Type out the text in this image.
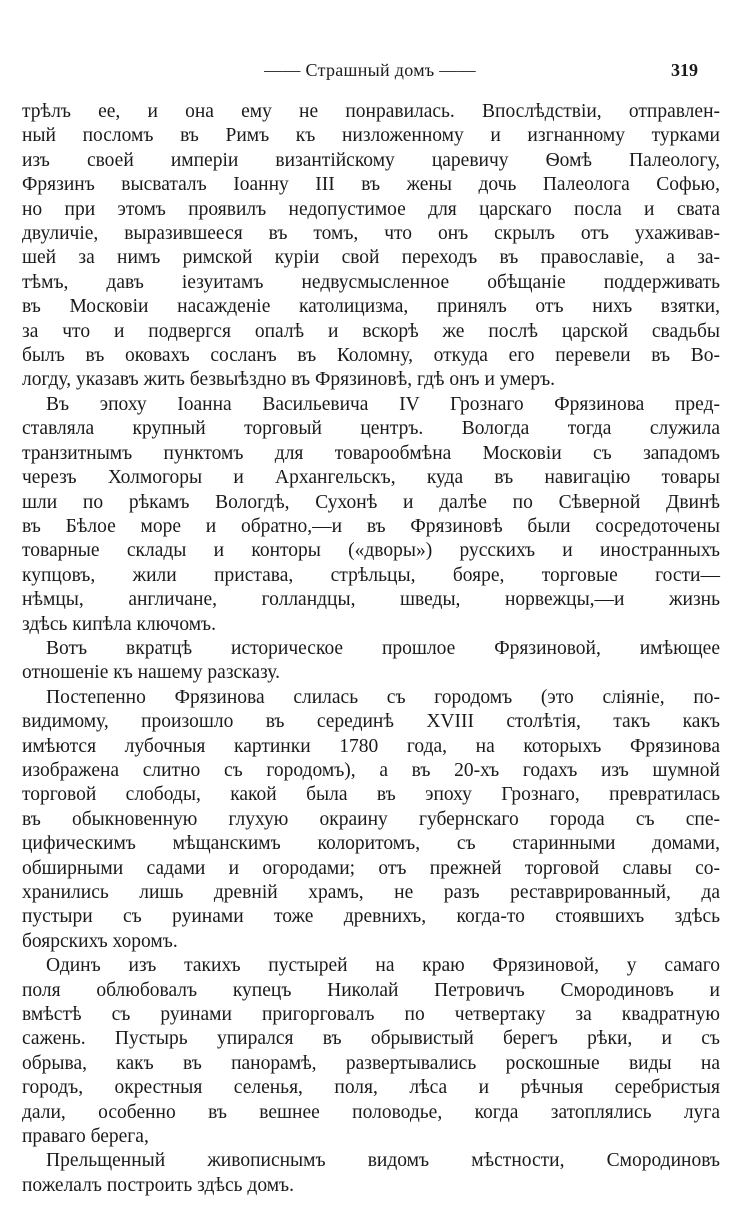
—— Страшный домъ ——	319
трѣлъ ее, и она ему не понравилась. Впослѣдствіи, отправлен-
ный посломъ въ Римъ къ низложенному и изгнанному турками
изъ своей имперіи византійскому царевичу Ѳомѣ Палеологу,
Фрязинъ высваталъ Іоанну III въ жены дочь Палеолога Софью,
но при этомъ проявилъ недопустимое для царскаго посла и свата
двуличіе, выразившееся въ томъ, что онъ скрылъ отъ ухаживав-
шей за нимъ римской куріи свой переходъ въ православіе, а за-
тѣмъ, давъ іезуитамъ недвусмысленное обѣщаніе поддерживать
въ Московіи насажденіе католицизма, принялъ отъ нихъ взятки,
за что и подвергся опалѣ и вскорѣ же послѣ царской свадьбы
былъ въ оковахъ сосланъ въ Коломну, откуда его перевели въ Во-
логду, указавъ жить безвыѣздно въ Фрязиновѣ, гдѣ онъ и умеръ.
Въ эпоху Іоанна Васильевича IV Грознаго Фрязинова пред-
ставляла крупный торговый центръ. Вологда тогда служила
транзитнымъ пунктомъ для товарообмѣна Московіи съ западомъ
черезъ Холмогоры и Архангельскъ, куда въ навигацію товары
шли по рѣкамъ Вологдѣ, Сухонѣ и далѣе по Сѣверной Двинѣ
въ Бѣлое море и обратно,—и въ Фрязиновѣ были сосредоточены
товарные склады и конторы («дворы») русскихъ и иностранныхъ
купцовъ, жили пристава, стрѣльцы, бояре, торговые гости—
нѣмцы, англичане, голландцы, шведы, норвежцы,—и жизнь
здѣсь кипѣла ключомъ.
Вотъ вкратцѣ историческое прошлое Фрязиновой, имѣющее
отношеніе къ нашему разсказу.
Постепенно Фрязинова слилась съ городомъ (это сліяніе, по-
видимому, произошло въ серединѣ XVIII столѣтія, такъ какъ
имѣются лубочныя картинки 1780 года, на которыхъ Фрязинова
изображена слитно съ городомъ), а въ 20-хъ годахъ изъ шумной
торговой слободы, какой была въ эпоху Грознаго, превратилась
въ обыкновенную глухую окраину губернскаго города съ спе-
цифическимъ мѣщанскимъ колоритомъ, съ старинными домами,
обширными садами и огородами; отъ прежней торговой славы со-
хранились лишь древній храмъ, не разъ реставрированный, да
пустыри съ руинами тоже древнихъ, когда-то стоявшихъ здѣсь
боярскихъ хоромъ.
Одинъ изъ такихъ пустырей на краю Фрязиновой, у самаго
поля облюбовалъ купецъ Николай Петровичъ Смородиновъ и
вмѣстѣ съ руинами пригорговалъ по четвертаку за квадратную
сажень. Пустырь упирался въ обрывистый берегъ рѣки, и съ
обрыва, какъ въ панорамѣ, развертывались роскошные виды на
городъ, окрестныя селенья, поля, лѣса и рѣчныя серебристыя
дали, особенно въ вешнее половодье, когда затоплялись луга
праваго берега,
Прельщенный живописнымъ видомъ мѣстности, Смородиновъ
пожелалъ построить здѣсь домъ.
